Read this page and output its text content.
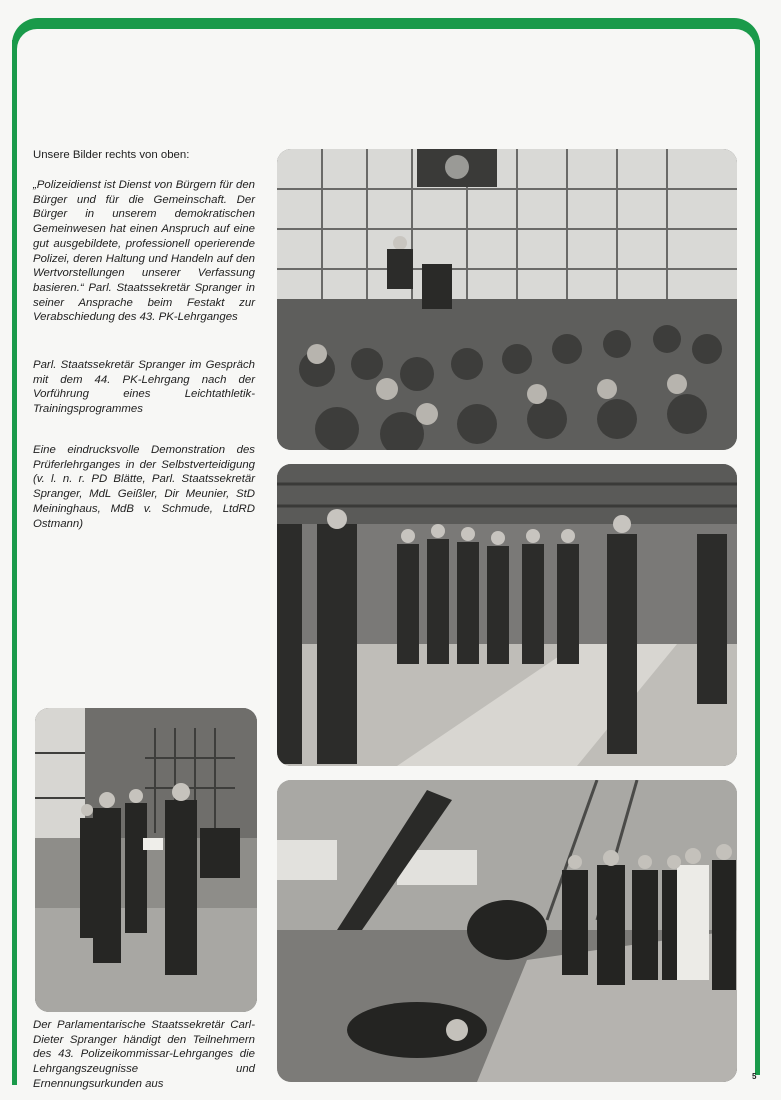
Unsere Bilder rechts von oben:
„Polizeidienst ist Dienst von Bürgern für den Bürger und für die Gemeinschaft. Der Bürger in unserem demokratischen Gemeinwesen hat einen Anspruch auf eine gut ausgebildete, professionell operierende Polizei, deren Haltung und Handeln auf den Wertvorstellungen unserer Verfassung basieren.“ Parl. Staatssekretär Spranger in seiner Ansprache beim Festakt zur Verabschiedung des 43. PK-Lehrganges
Parl. Staatssekretär Spranger im Gespräch mit dem 44. PK-Lehrgang nach der Vorführung eines Leichtathletik-Trainingsprogrammes
Eine eindrucksvolle Demonstration des Prüferlehrganges in der Selbstverteidigung (v. l. n. r. PD Blätte, Parl. Staatssekretär Spranger, MdL Geißler, Dir Meunier, StD Meininghaus, MdB v. Schmude, LtdRD Ostmann)
Der Parlamentarische Staatssekretär Carl-Dieter Spranger händigt den Teilnehmern des 43. Polizeikommissar-Lehrganges die Lehrgangszeugnisse und Ernennungsurkunden aus
5
